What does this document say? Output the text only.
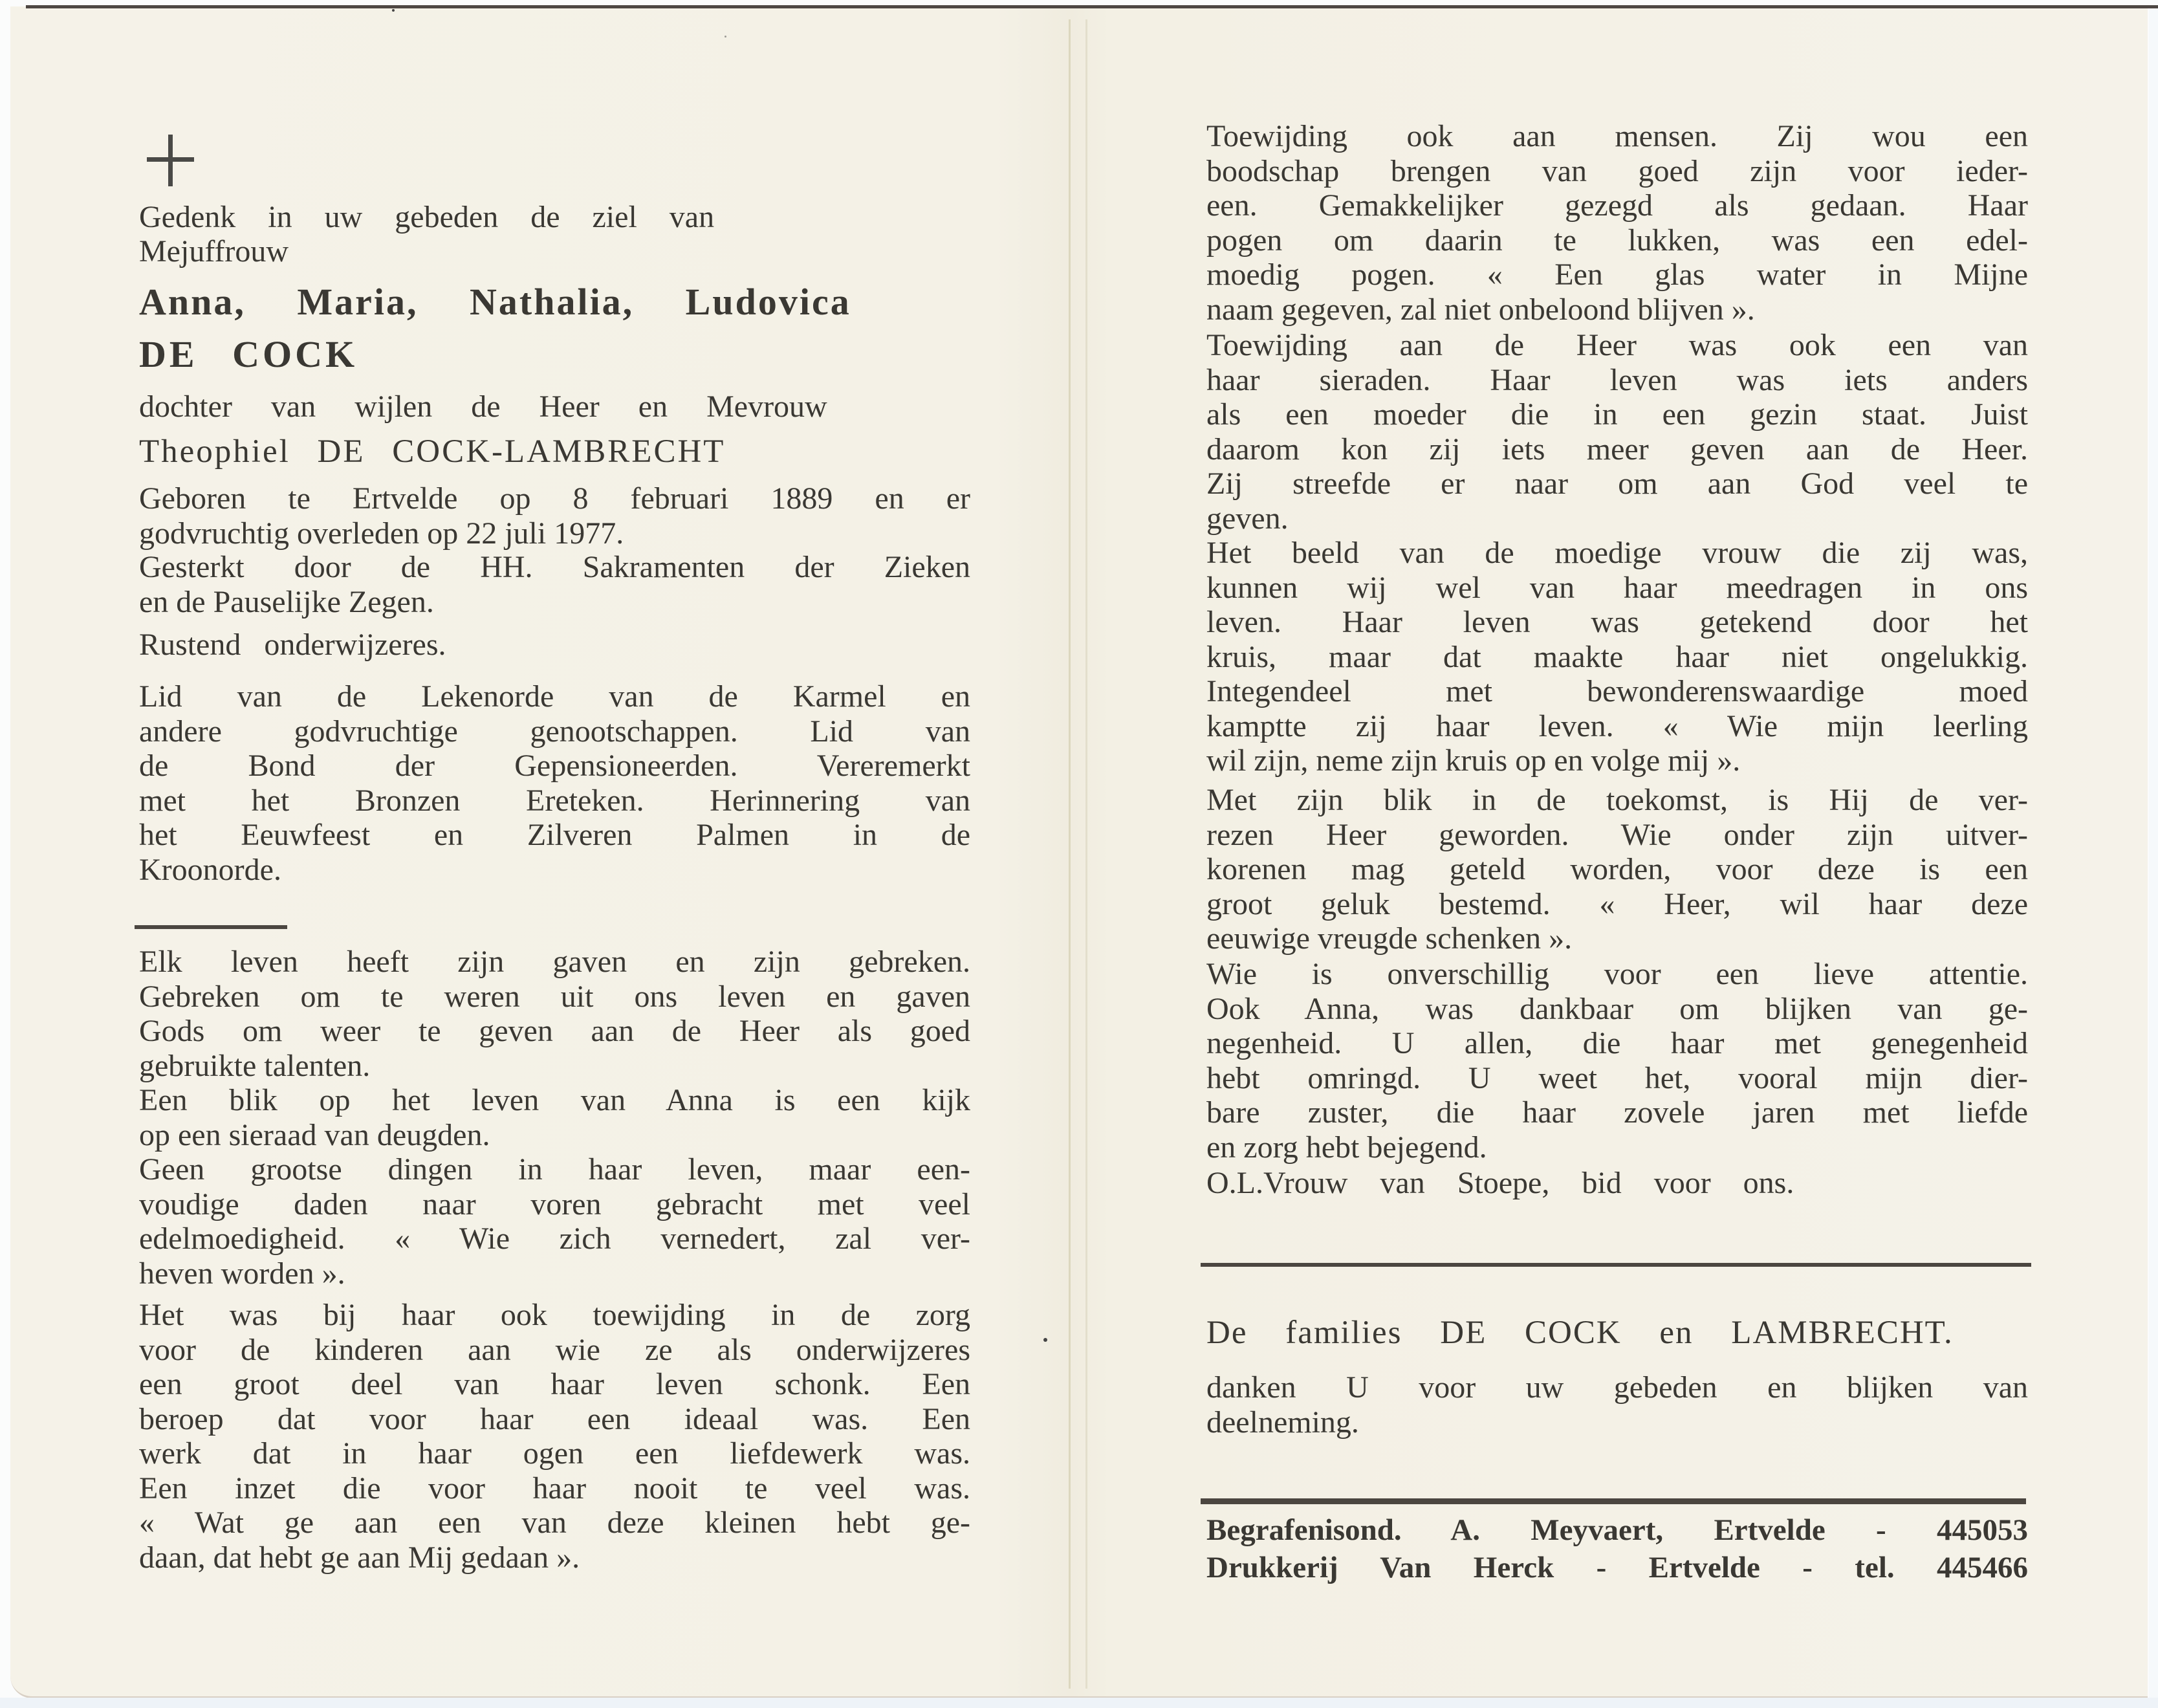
Gedenk in uw gebeden de ziel van
Mejuffrouw
Anna, Maria, Nathalia, Ludovica
DE COCK
dochter van wijlen de Heer en Mevrouw
Theophiel DE COCK-LAMBRECHT
Geboren te Ertvelde op 8 februari 1889 en er
godvruchtig overleden op 22 juli 1977.
Gesterkt door de HH. Sakramenten der Zieken
en de Pauselijke Zegen.
Rustend onderwijzeres.
Lid van de Lekenorde van de Karmel en
andere godvruchtige genootschappen. Lid van
de Bond der Gepensioneerden. Vereremerkt
met het Bronzen Ereteken. Herinnering van
het Eeuwfeest en Zilveren Palmen in de
Kroonorde.
Elk leven heeft zijn gaven en zijn gebreken.
Gebreken om te weren uit ons leven en gaven
Gods om weer te geven aan de Heer als goed
gebruikte talenten.
Een blik op het leven van Anna is een kijk
op een sieraad van deugden.
Geen grootse dingen in haar leven, maar een-
voudige daden naar voren gebracht met veel
edelmoedigheid. « Wie zich vernedert, zal ver-
heven worden ».
Het was bij haar ook toewijding in de zorg
voor de kinderen aan wie ze als onderwijzeres
een groot deel van haar leven schonk. Een
beroep dat voor haar een ideaal was. Een
werk dat in haar ogen een liefdewerk was.
Een inzet die voor haar nooit te veel was.
« Wat ge aan een van deze kleinen hebt ge-
daan, dat hebt ge aan Mij gedaan ».
Toewijding ook aan mensen. Zij wou een
boodschap brengen van goed zijn voor ieder-
een. Gemakkelijker gezegd als gedaan. Haar
pogen om daarin te lukken, was een edel-
moedig pogen. « Een glas water in Mijne
naam gegeven, zal niet onbeloond blijven ».
Toewijding aan de Heer was ook een van
haar sieraden. Haar leven was iets anders
als een moeder die in een gezin staat. Juist
daarom kon zij iets meer geven aan de Heer.
Zij streefde er naar om aan God veel te
geven.
Het beeld van de moedige vrouw die zij was,
kunnen wij wel van haar meedragen in ons
leven. Haar leven was getekend door het
kruis, maar dat maakte haar niet ongelukkig.
Integendeel met bewonderenswaardige moed
kamptte zij haar leven. « Wie mijn leerling
wil zijn, neme zijn kruis op en volge mij ».
Met zijn blik in de toekomst, is Hij de ver-
rezen Heer geworden. Wie onder zijn uitver-
korenen mag geteld worden, voor deze is een
groot geluk bestemd. « Heer, wil haar deze
eeuwige vreugde schenken ».
Wie is onverschillig voor een lieve attentie.
Ook Anna, was dankbaar om blijken van ge-
negenheid. U allen, die haar met genegenheid
hebt omringd. U weet het, vooral mijn dier-
bare zuster, die haar zovele jaren met liefde
en zorg hebt bejegend.
O.L.Vrouw van Stoepe, bid voor ons.
De families DE COCK en LAMBRECHT.
danken U voor uw gebeden en blijken van
deelneming.
Begrafenisond. A. Meyvaert, Ertvelde - 445053
Drukkerij Van Herck - Ertvelde - tel. 445466
